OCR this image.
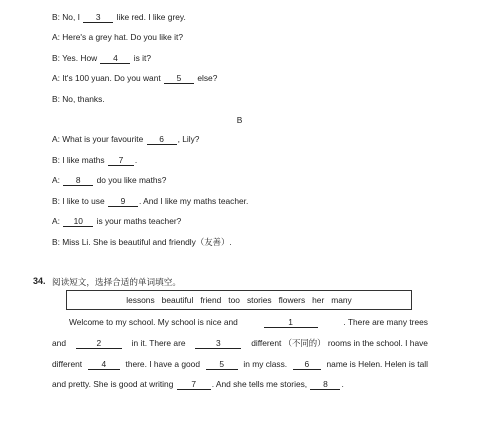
B: No, I 3 like red. I like grey.
A: Here's a grey hat. Do you like it?
B: Yes. How 4 is it?
A: It's 100 yuan. Do you want 5 else?
B: No, thanks.
B
A: What is your favourite 6 , Lily?
B: I like maths 7 .
A: 8 do you like maths?
B: I like to use 9 . And I like my maths teacher.
A: 10 is your maths teacher?
B: Miss Li. She is beautiful and friendly（友善）.
34. 阅读短文，选择合适的单词填空。
lessons beautiful friend too stories flowers her many
Welcome to my school. My school is nice and	1	. There are many trees
and	2	in it. There are	3	different （不同的） rooms in the school. I have
different	4	there. I have a good	5	in my class.	6	name is Helen. Helen is tall
and pretty. She is good at writing 7 . And she tells me stories, 8 .
